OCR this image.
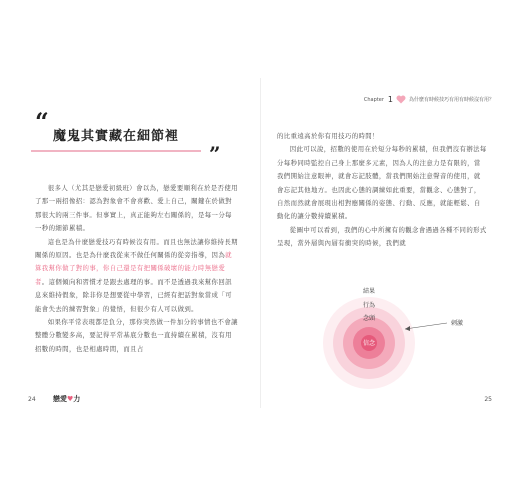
“
魔鬼其實藏在細節裡
”

很多人（尤其是戀愛初級班）會以為，戀愛要順利在於是否使用了那一兩招像招：認為對象會不會喜歡、愛上自己，關鍵在於做對那很大的兩三件事。但事實上，真正能夠左右關係的，是每一分每一秒的細節累積。

這也是為什麼戀愛技巧有時候沒有用。而且也無法讓你維持長期關係的原因。也是為什麼我從來不做任何關係的從旁指導，因為就算我幫你做了對的事，你自己還是有把關係破壞的能力時無戀愛者。這個傾向和習慣才是跟去處理的事。而不是透過我來幫你回訊息來維持假象，除非你是想要從中學習，已經有把話對象當成「可能會失去的練習對象」的覺悟，但很少有人可以做到。

如果你平常表現都是負分，那你突然做一件加分的事情也不會讓整體分數變多高，要記得平常基底分數也一直持續在累積，沒有用招數的時間，也是相處時間，而且占

24 戀愛♥力
Chapter 1	為什麼有時候技巧有用有時候沒有用？

的比重遠高於你有用技巧的時間！

因此可以說，招數的使用在於短分每秒的累積，但我們沒有辦法每分每秒同時監控自己身上那麼多元素，因為人的注意力是有限的，當我們開始注意眼神，就會忘記肢體，當我們開始注意聲音的使用，就會忘記其他地方。也因此心態的調練如此重要，當觀念、心態對了，自然而然就會展現出相對應關係的姿態、行動、反應，就能輕鬆、自動化的讓分數持續累積。

從圖中可以看到，我們的心中所擁有的觀念會遇過各種不同的形式呈現，當外層與內層有衝突的時候，我們就

結果
行為
念頭
信念
刺激
25
